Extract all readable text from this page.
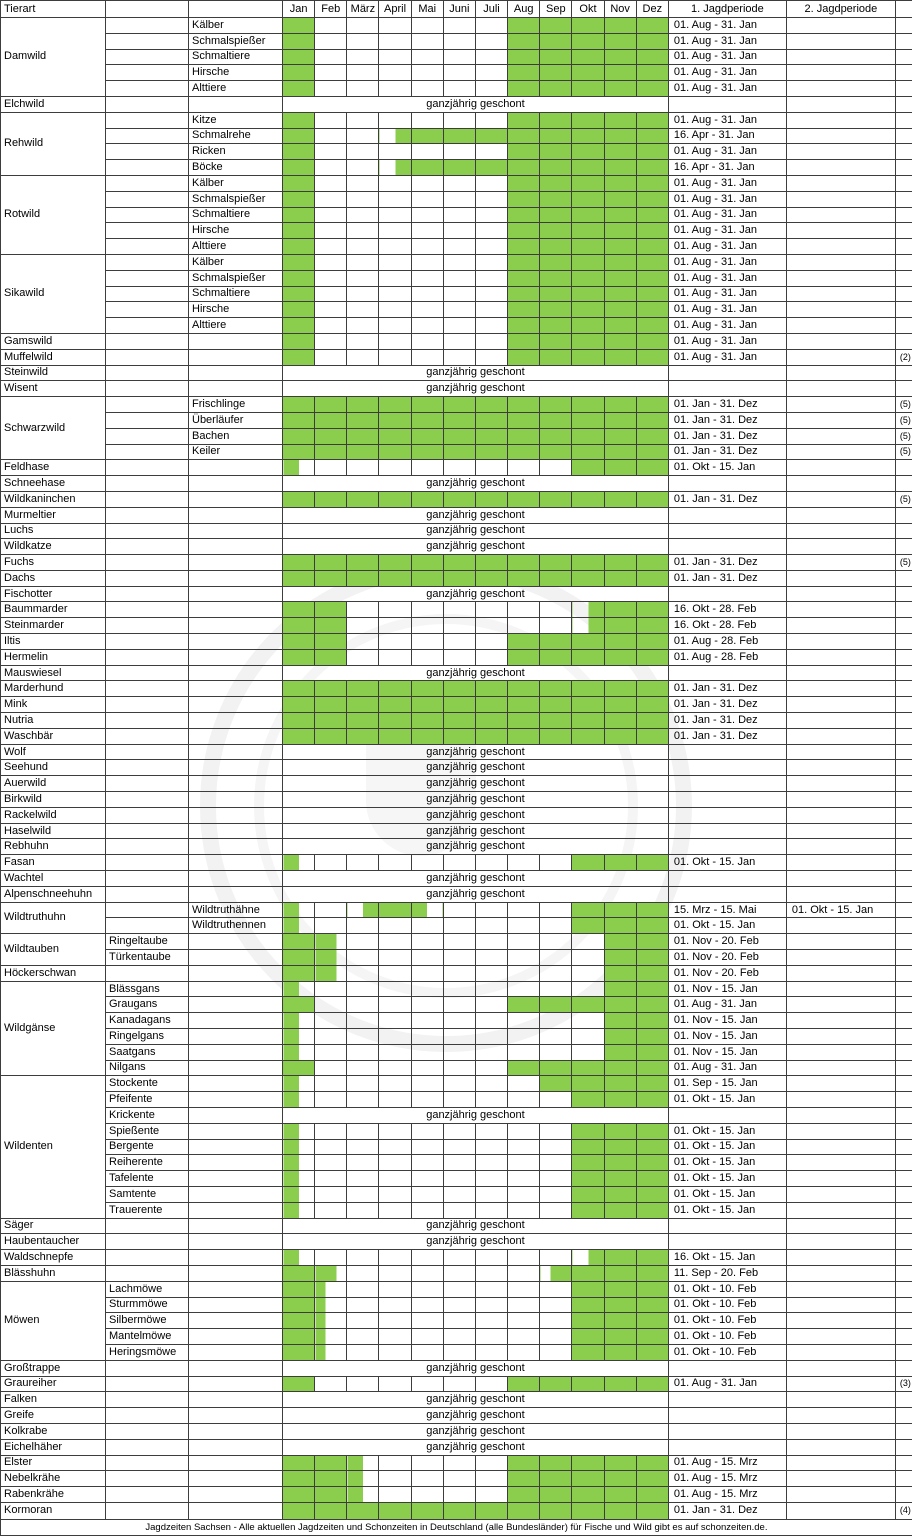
Tierart			Jan	Feb	März	April	Mai	Juni	Juli	Aug	Sep	Okt	Nov	Dez	1. Jagdperiode	2. Jagdperiode	
Damwild		Kälber													01. Aug - 31. Jan		
		Schmalspießer													01. Aug - 31. Jan		
		Schmaltiere													01. Aug - 31. Jan		
		Hirsche													01. Aug - 31. Jan		
		Alttiere													01. Aug - 31. Jan		
Elchwild			ganzjährig geschont														
Rehwild		Kitze													01. Aug - 31. Jan		
		Schmalrehe													16. Apr - 31. Jan		
		Ricken													01. Aug - 31. Jan		
		Böcke													16. Apr - 31. Jan		
Rotwild		Kälber													01. Aug - 31. Jan		
		Schmalspießer													01. Aug - 31. Jan		
		Schmaltiere													01. Aug - 31. Jan		
		Hirsche													01. Aug - 31. Jan		
		Alttiere													01. Aug - 31. Jan		
Sikawild		Kälber													01. Aug - 31. Jan		
		Schmalspießer													01. Aug - 31. Jan		
		Schmaltiere													01. Aug - 31. Jan		
		Hirsche													01. Aug - 31. Jan		
		Alttiere													01. Aug - 31. Jan		
Gamswild															01. Aug - 31. Jan		
Muffelwild															01. Aug - 31. Jan		(2)
Steinwild			ganzjährig geschont														
Wisent			ganzjährig geschont														
Schwarzwild		Frischlinge													01. Jan - 31. Dez		(5)
		Überläufer													01. Jan - 31. Dez		(5)
		Bachen													01. Jan - 31. Dez		(5)
		Keiler													01. Jan - 31. Dez		(5)
Feldhase															01. Okt - 15. Jan		
Schneehase			ganzjährig geschont														
Wildkaninchen															01. Jan - 31. Dez		(5)
Murmeltier			ganzjährig geschont														
Luchs			ganzjährig geschont														
Wildkatze			ganzjährig geschont														
Fuchs															01. Jan - 31. Dez		(5)
Dachs															01. Jan - 31. Dez		
Fischotter			ganzjährig geschont														
Baummarder															16. Okt - 28. Feb		
Steinmarder															16. Okt - 28. Feb		
Iltis															01. Aug - 28. Feb		
Hermelin															01. Aug - 28. Feb		
Mauswiesel			ganzjährig geschont														
Marderhund															01. Jan - 31. Dez		
Mink															01. Jan - 31. Dez		
Nutria															01. Jan - 31. Dez		
Waschbär															01. Jan - 31. Dez		
Wolf			ganzjährig geschont														
Seehund			ganzjährig geschont														
Auerwild			ganzjährig geschont														
Birkwild			ganzjährig geschont														
Rackelwild			ganzjährig geschont														
Haselwild			ganzjährig geschont														
Rebhuhn			ganzjährig geschont														
Fasan															01. Okt - 15. Jan		
Wachtel			ganzjährig geschont														
Alpenschneehuhn			ganzjährig geschont														
Wildtruthuhn		Wildtruthähne													15. Mrz - 15. Mai	01. Okt - 15. Jan	
		Wildtruthennen													01. Okt - 15. Jan		
Wildtauben	Ringeltaube														01. Nov - 20. Feb		
	Türkentaube														01. Nov - 20. Feb		
Höckerschwan															01. Nov - 20. Feb		
Wildgänse	Blässgans														01. Nov - 15. Jan		
	Graugans														01. Aug - 31. Jan		
	Kanadagans														01. Nov - 15. Jan		
	Ringelgans														01. Nov - 15. Jan		
	Saatgans														01. Nov - 15. Jan		
	Nilgans														01. Aug - 31. Jan		
Wildenten	Stockente														01. Sep - 15. Jan		
	Pfeifente														01. Okt - 15. Jan		
	Krickente		ganzjährig geschont														
	Spießente														01. Okt - 15. Jan		
	Bergente														01. Okt - 15. Jan		
	Reiherente														01. Okt - 15. Jan		
	Tafelente														01. Okt - 15. Jan		
	Samtente														01. Okt - 15. Jan		
	Trauerente														01. Okt - 15. Jan		
Säger			ganzjährig geschont														
Haubentaucher			ganzjährig geschont														
Waldschnepfe															16. Okt - 15. Jan		
Blässhuhn															11. Sep - 20. Feb		
Möwen	Lachmöwe														01. Okt - 10. Feb		
	Sturmmöwe														01. Okt - 10. Feb		
	Silbermöwe														01. Okt - 10. Feb		
	Mantelmöwe														01. Okt - 10. Feb		
	Heringsmöwe														01. Okt - 10. Feb		
Großtrappe			ganzjährig geschont														
Graureiher															01. Aug - 31. Jan		(3)
Falken			ganzjährig geschont														
Greife			ganzjährig geschont														
Kolkrabe			ganzjährig geschont														
Eichelhäher			ganzjährig geschont														
Elster															01. Aug - 15. Mrz		
Nebelkrähe															01. Aug - 15. Mrz		
Rabenkrähe															01. Aug - 15. Mrz		
Kormoran															01. Jan - 31. Dez		(4)
Jagdzeiten Sachsen - Alle aktuellen Jagdzeiten und Schonzeiten in Deutschland (alle Bundesländer) für Fische und Wild gibt es auf schonzeiten.de.																	
